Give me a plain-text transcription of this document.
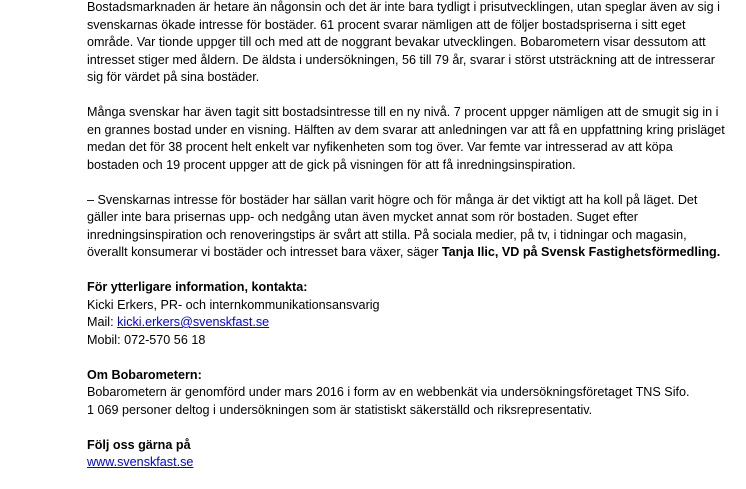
Bostadsmarknaden är hetare än någonsin och det är inte bara tydligt i prisutvecklingen, utan speglar även av sig i
svenskarnas ökade intresse för bostäder. 61 procent svarar nämligen att de följer bostadspriserna i sitt eget
område. Var tionde uppger till och med att de noggrant bevakar utvecklingen. Bobarometern visar dessutom att
intresset stiger med åldern. De äldsta i undersökningen, 56 till 79 år, svarar i störst utsträckning att de intresserar
sig för värdet på sina bostäder.

Många svenskar har även tagit sitt bostadsintresse till en ny nivå. 7 procent uppger nämligen att de smugit sig in i
en grannes bostad under en visning. Hälften av dem svarar att anledningen var att få en uppfattning kring prisläget
medan det för 38 procent helt enkelt var nyfikenheten som tog över. Var femte var intresserad av att köpa
bostaden och 19 procent uppger att de gick på visningen för att få inredningsinspiration.

– Svenskarnas intresse för bostäder har sällan varit högre och för många är det viktigt att ha koll på läget. Det
gäller inte bara prisernas upp- och nedgång utan även mycket annat som rör bostaden. Suget efter
inredningsinspiration och renoveringstips är svårt att stilla. På sociala medier, på tv, i tidningar och magasin,
överallt konsumerar vi bostäder och intresset bara växer, säger Tanja Ilic, VD på Svensk Fastighetsförmedling.

För ytterligare information, kontakta:
Kicki Erkers, PR- och internkommunikationsansvarig
Mail: kicki.erkers@svenskfast.se
Mobil: 072-570 56 18

Om Bobarometern:
Bobarometern är genomförd under mars 2016 i form av en webbenkät via undersökningsföretaget TNS Sifo.
1 069 personer deltog i undersökningen som är statistiskt säkerställd och riksrepresentativ.

Följ oss gärna på
www.svenskfast.se
